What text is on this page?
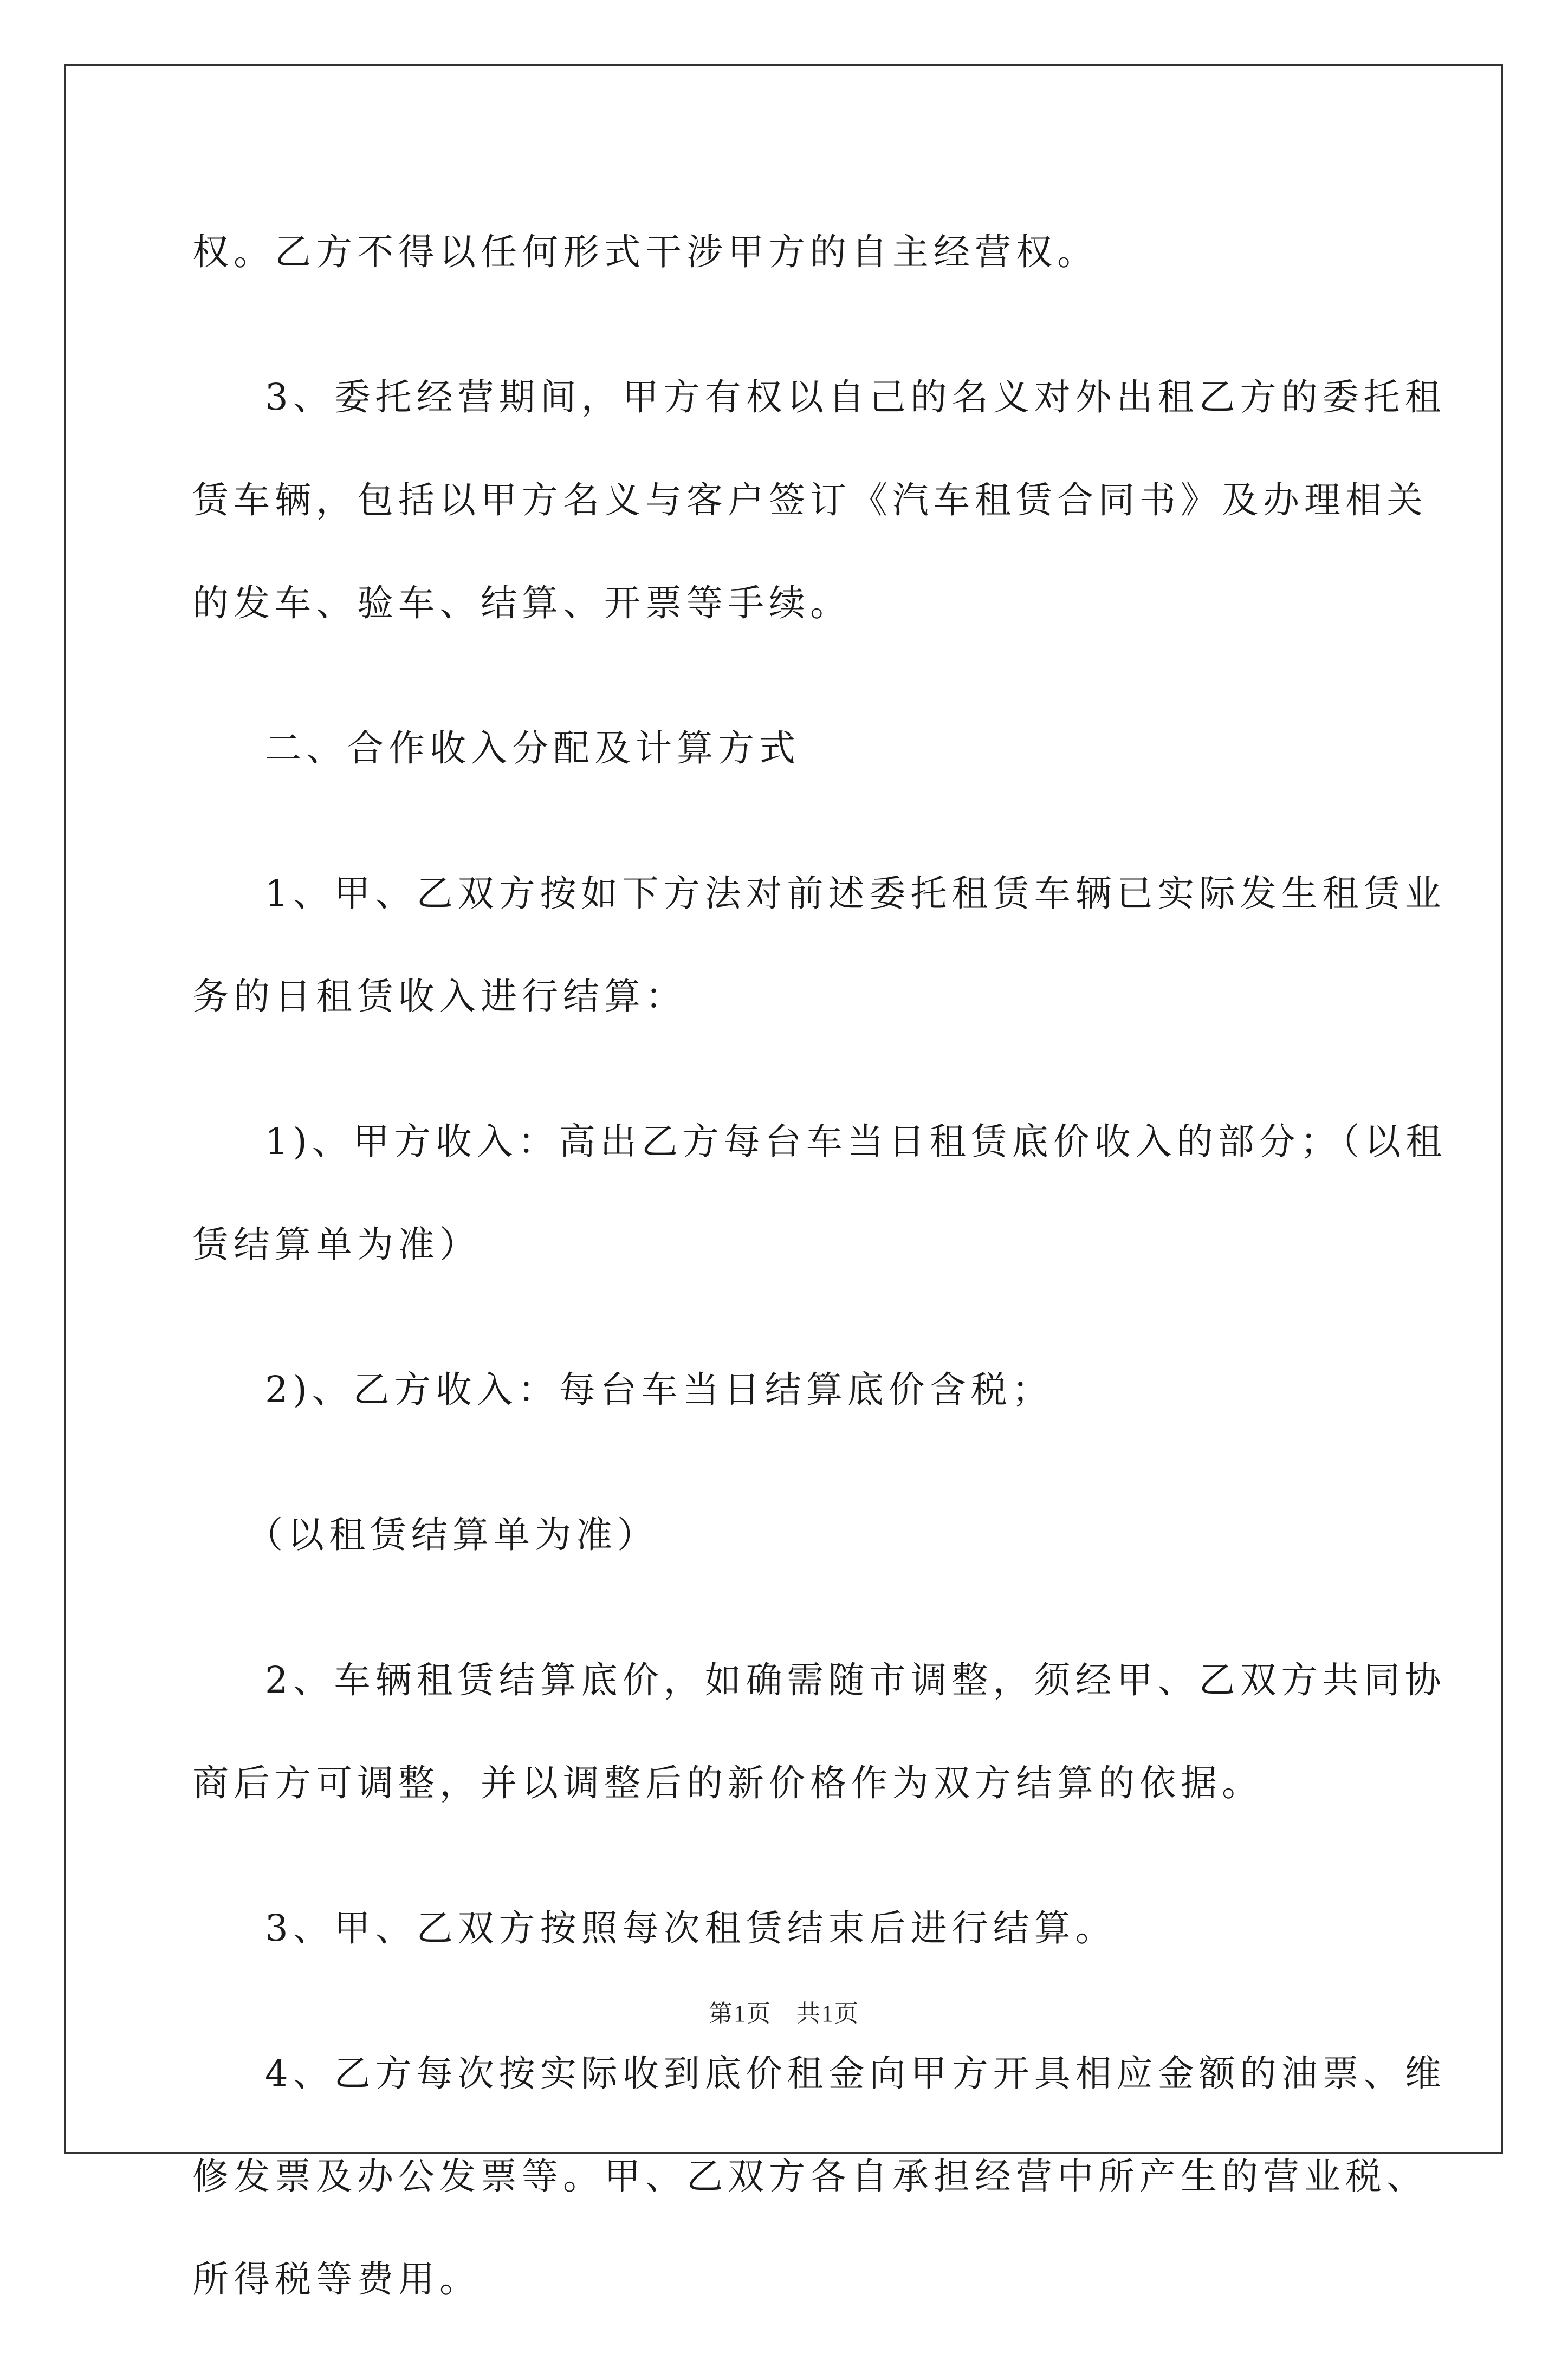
权。乙方不得以任何形式干涉甲方的自主经营权。

3、委托经营期间，甲方有权以自己的名义对外出租乙方的委托租
赁车辆，包括以甲方名义与客户签订《汽车租赁合同书》及办理相关
的发车、验车、结算、开票等手续。

二、合作收入分配及计算方式

1、甲、乙双方按如下方法对前述委托租赁车辆已实际发生租赁业
务的日租赁收入进行结算：

1)、甲方收入：高出乙方每台车当日租赁底价收入的部分；（以租
赁结算单为准）

2)、乙方收入：每台车当日结算底价含税；

（以租赁结算单为准）

2、车辆租赁结算底价，如确需随市调整，须经甲、乙双方共同协
商后方可调整，并以调整后的新价格作为双方结算的依据。

3、甲、乙双方按照每次租赁结束后进行结算。

4、乙方每次按实际收到底价租金向甲方开具相应金额的油票、维
修发票及办公发票等。甲、乙双方各自承担经营中所产生的营业税、
所得税等费用。

第1页　共1页
